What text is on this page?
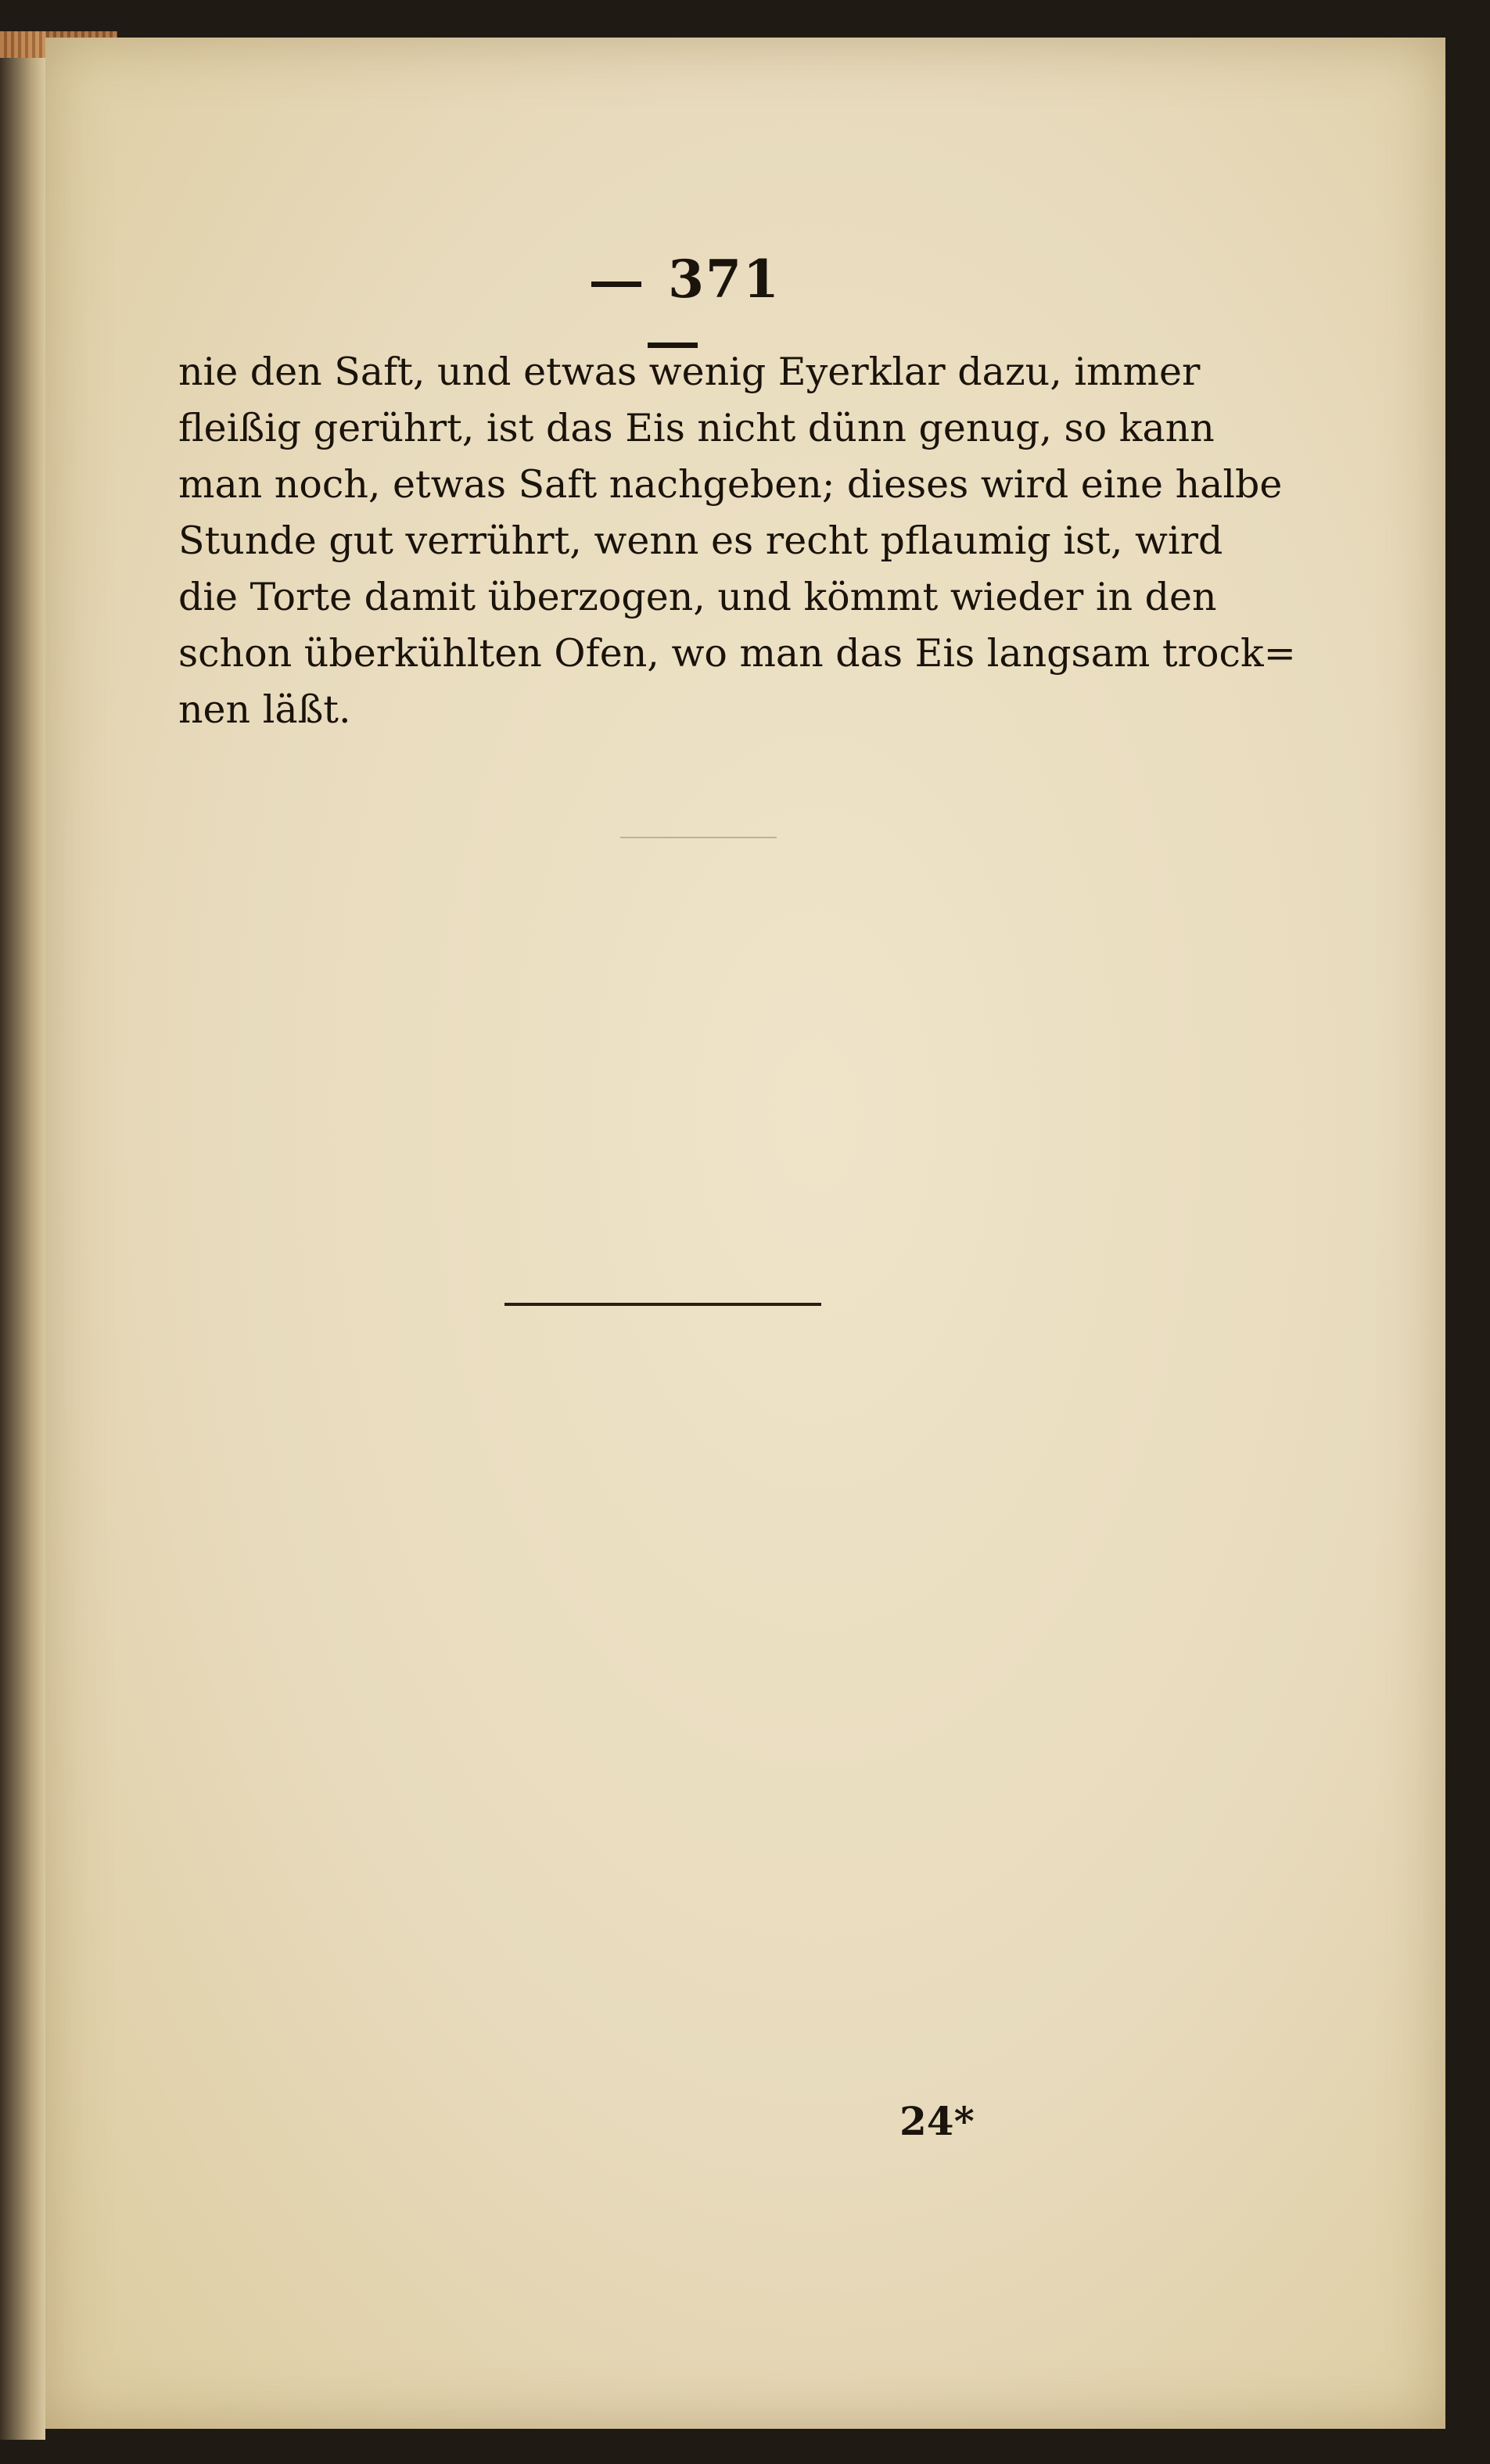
371
nie den Saft, und etwas wenig Eyerklar dazu, immer
fleißig gerührt, ist das Eis nicht dünn genug, so kann
man noch, etwas Saft nachgeben; dieses wird eine halbe
Stunde gut verrührt, wenn es recht pflaumig ist, wird
die Torte damit überzogen, und kömmt wieder in den
schon überkühlten Ofen, wo man das Eis langsam trock=
nen läßt.
24*
